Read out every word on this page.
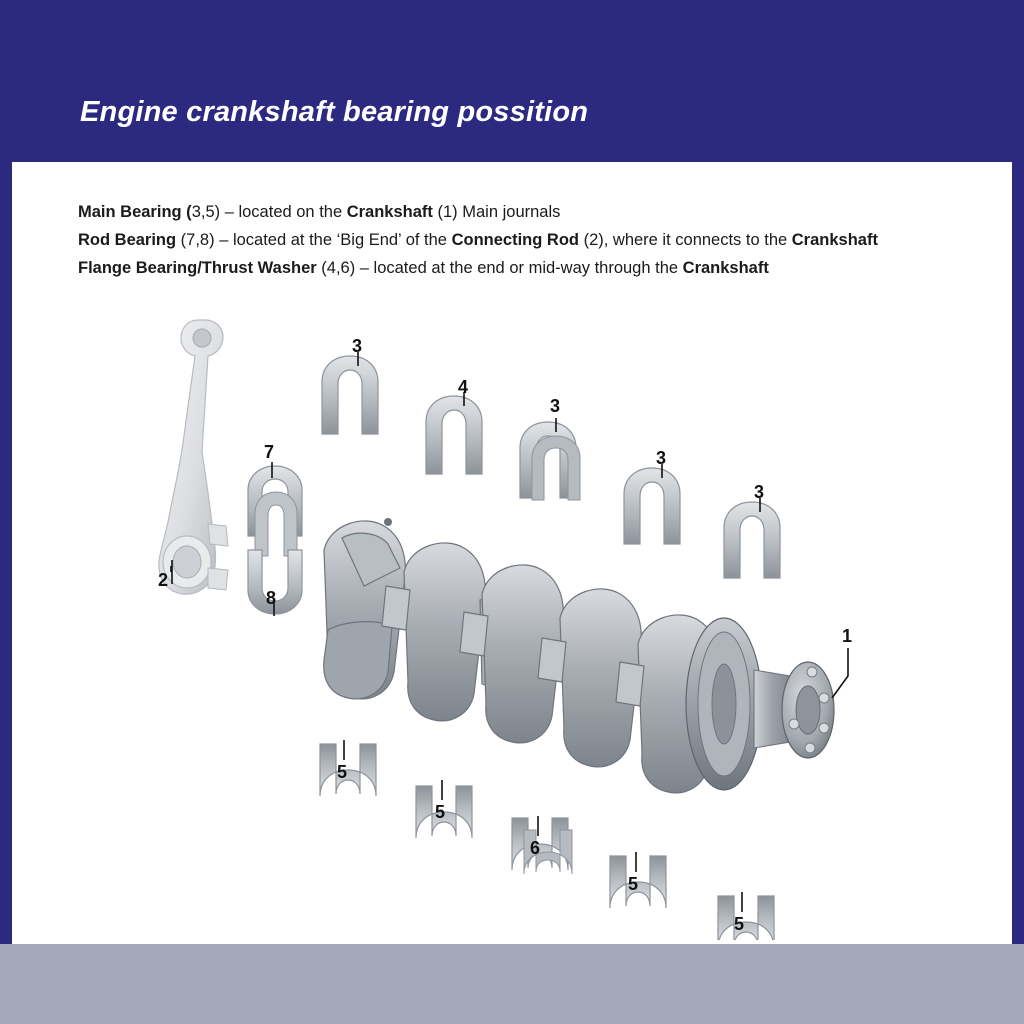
Engine crankshaft bearing possition
Main Bearing (3,5) – located on the Crankshaft (1) Main journals
Rod Bearing (7,8) – located at the ‘Big End’ of the Connecting Rod (2), where it connects to the Crankshaft
Flange Bearing/Thrust Washer (4,6) – located at the end or mid-way through the Crankshaft
2
3
4
3
3
3
7
8
1
5
5
6
5
5
